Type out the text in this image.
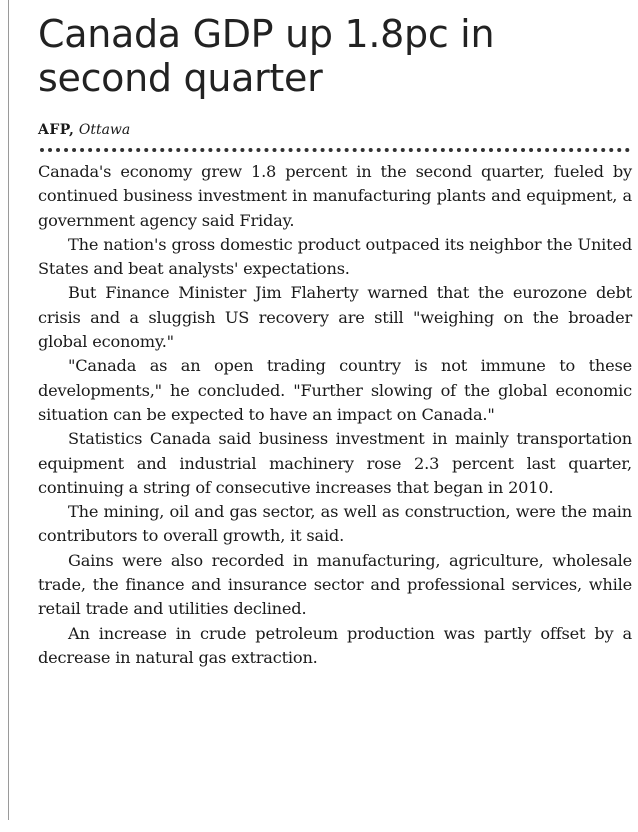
Canada GDP up 1.8pc in
second quarter
AFP, Ottawa

Canada's economy grew 1.8 percent in the second quarter, fueled by continued business investment in manufacturing plants and equipment, a government agency said Friday.

The nation's gross domestic product outpaced its neighbor the United States and beat analysts' expectations.

But Finance Minister Jim Flaherty warned that the eurozone debt crisis and a sluggish US recovery are still "weighing on the broader global economy."

"Canada as an open trading country is not immune to these developments," he concluded. "Further slowing of the global economic situation can be expected to have an impact on Canada."

Statistics Canada said business investment in mainly transportation equipment and industrial machinery rose 2.3 percent last quarter, continuing a string of consecutive increases that began in 2010.

The mining, oil and gas sector, as well as construction, were the main contributors to overall growth, it said.

Gains were also recorded in manufacturing, agriculture, wholesale trade, the finance and insurance sector and professional services, while retail trade and utilities declined.

An increase in crude petroleum production was partly offset by a decrease in natural gas extraction.
